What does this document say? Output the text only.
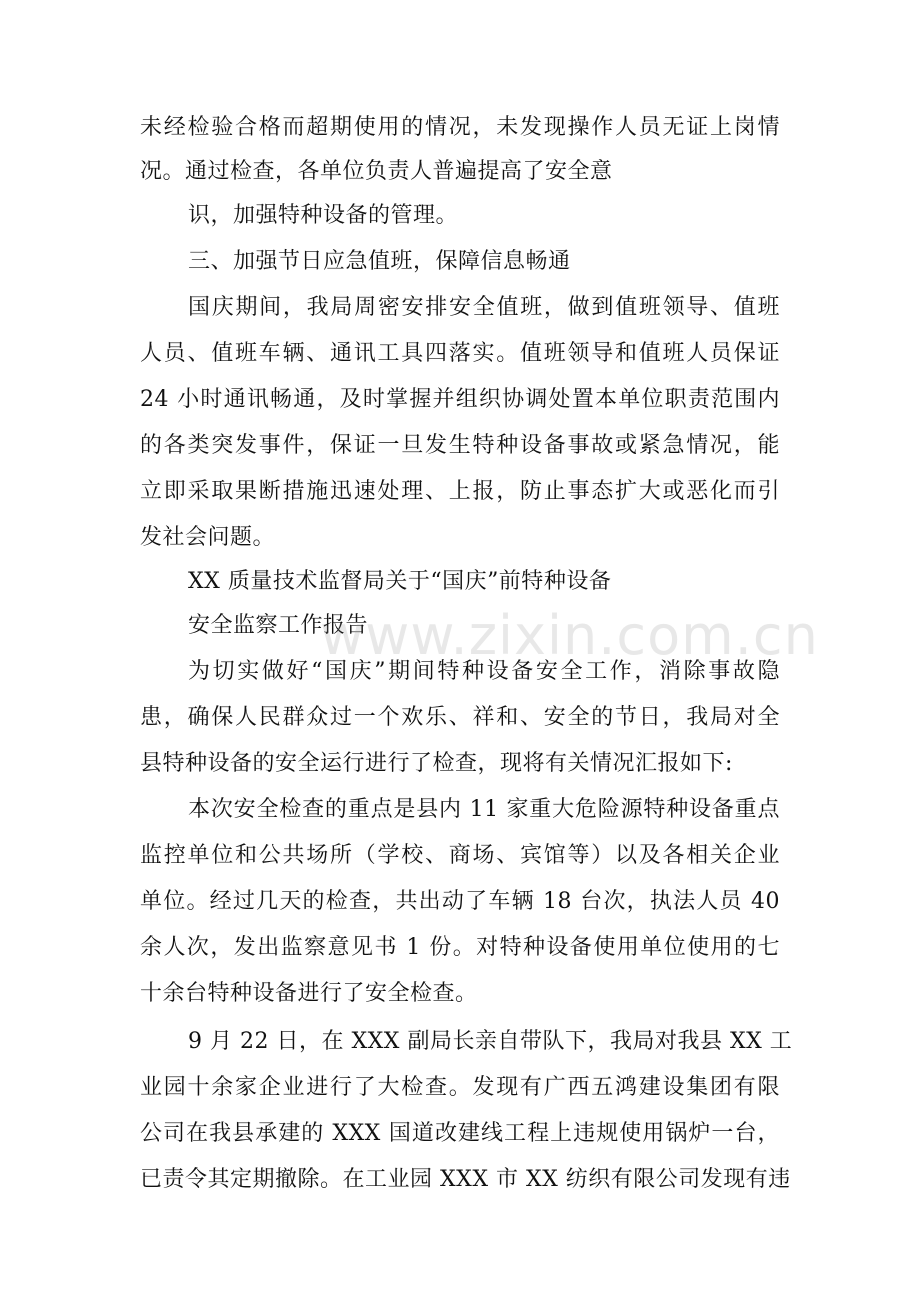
未经检验合格而超期使用的情况，未发现操作人员无证上岗情
况。通过检查，各单位负责人普遍提高了安全意
识，加强特种设备的管理。
三、加强节日应急值班，保障信息畅通
国庆期间，我局周密安排安全值班，做到值班领导、值班
人员、值班车辆、通讯工具四落实。值班领导和值班人员保证
24 小时通讯畅通，及时掌握并组织协调处置本单位职责范围内
的各类突发事件，保证一旦发生特种设备事故或紧急情况，能
立即采取果断措施迅速处理、上报，防止事态扩大或恶化而引
发社会问题。
XX 质量技术监督局关于“国庆”前特种设备
安全监察工作报告
为切实做好“国庆”期间特种设备安全工作，消除事故隐
患，确保人民群众过一个欢乐、祥和、安全的节日，我局对全
县特种设备的安全运行进行了检查，现将有关情况汇报如下:
本次安全检查的重点是县内 11 家重大危险源特种设备重点
监控单位和公共场所（学校、商场、宾馆等）以及各相关企业
单位。经过几天的检查，共出动了车辆 18 台次，执法人员 40
余人次，发出监察意见书 1 份。对特种设备使用单位使用的七
十余台特种设备进行了安全检查。
9 月 22 日，在 XXX 副局长亲自带队下，我局对我县 XX 工
业园十余家企业进行了大检查。发现有广西五鸿建设集团有限
公司在我县承建的 XXX 国道改建线工程上违规使用锅炉一台，
已责令其定期撤除。在工业园 XXX 市 XX 纺织有限公司发现有违
www.zixin.com.cn
